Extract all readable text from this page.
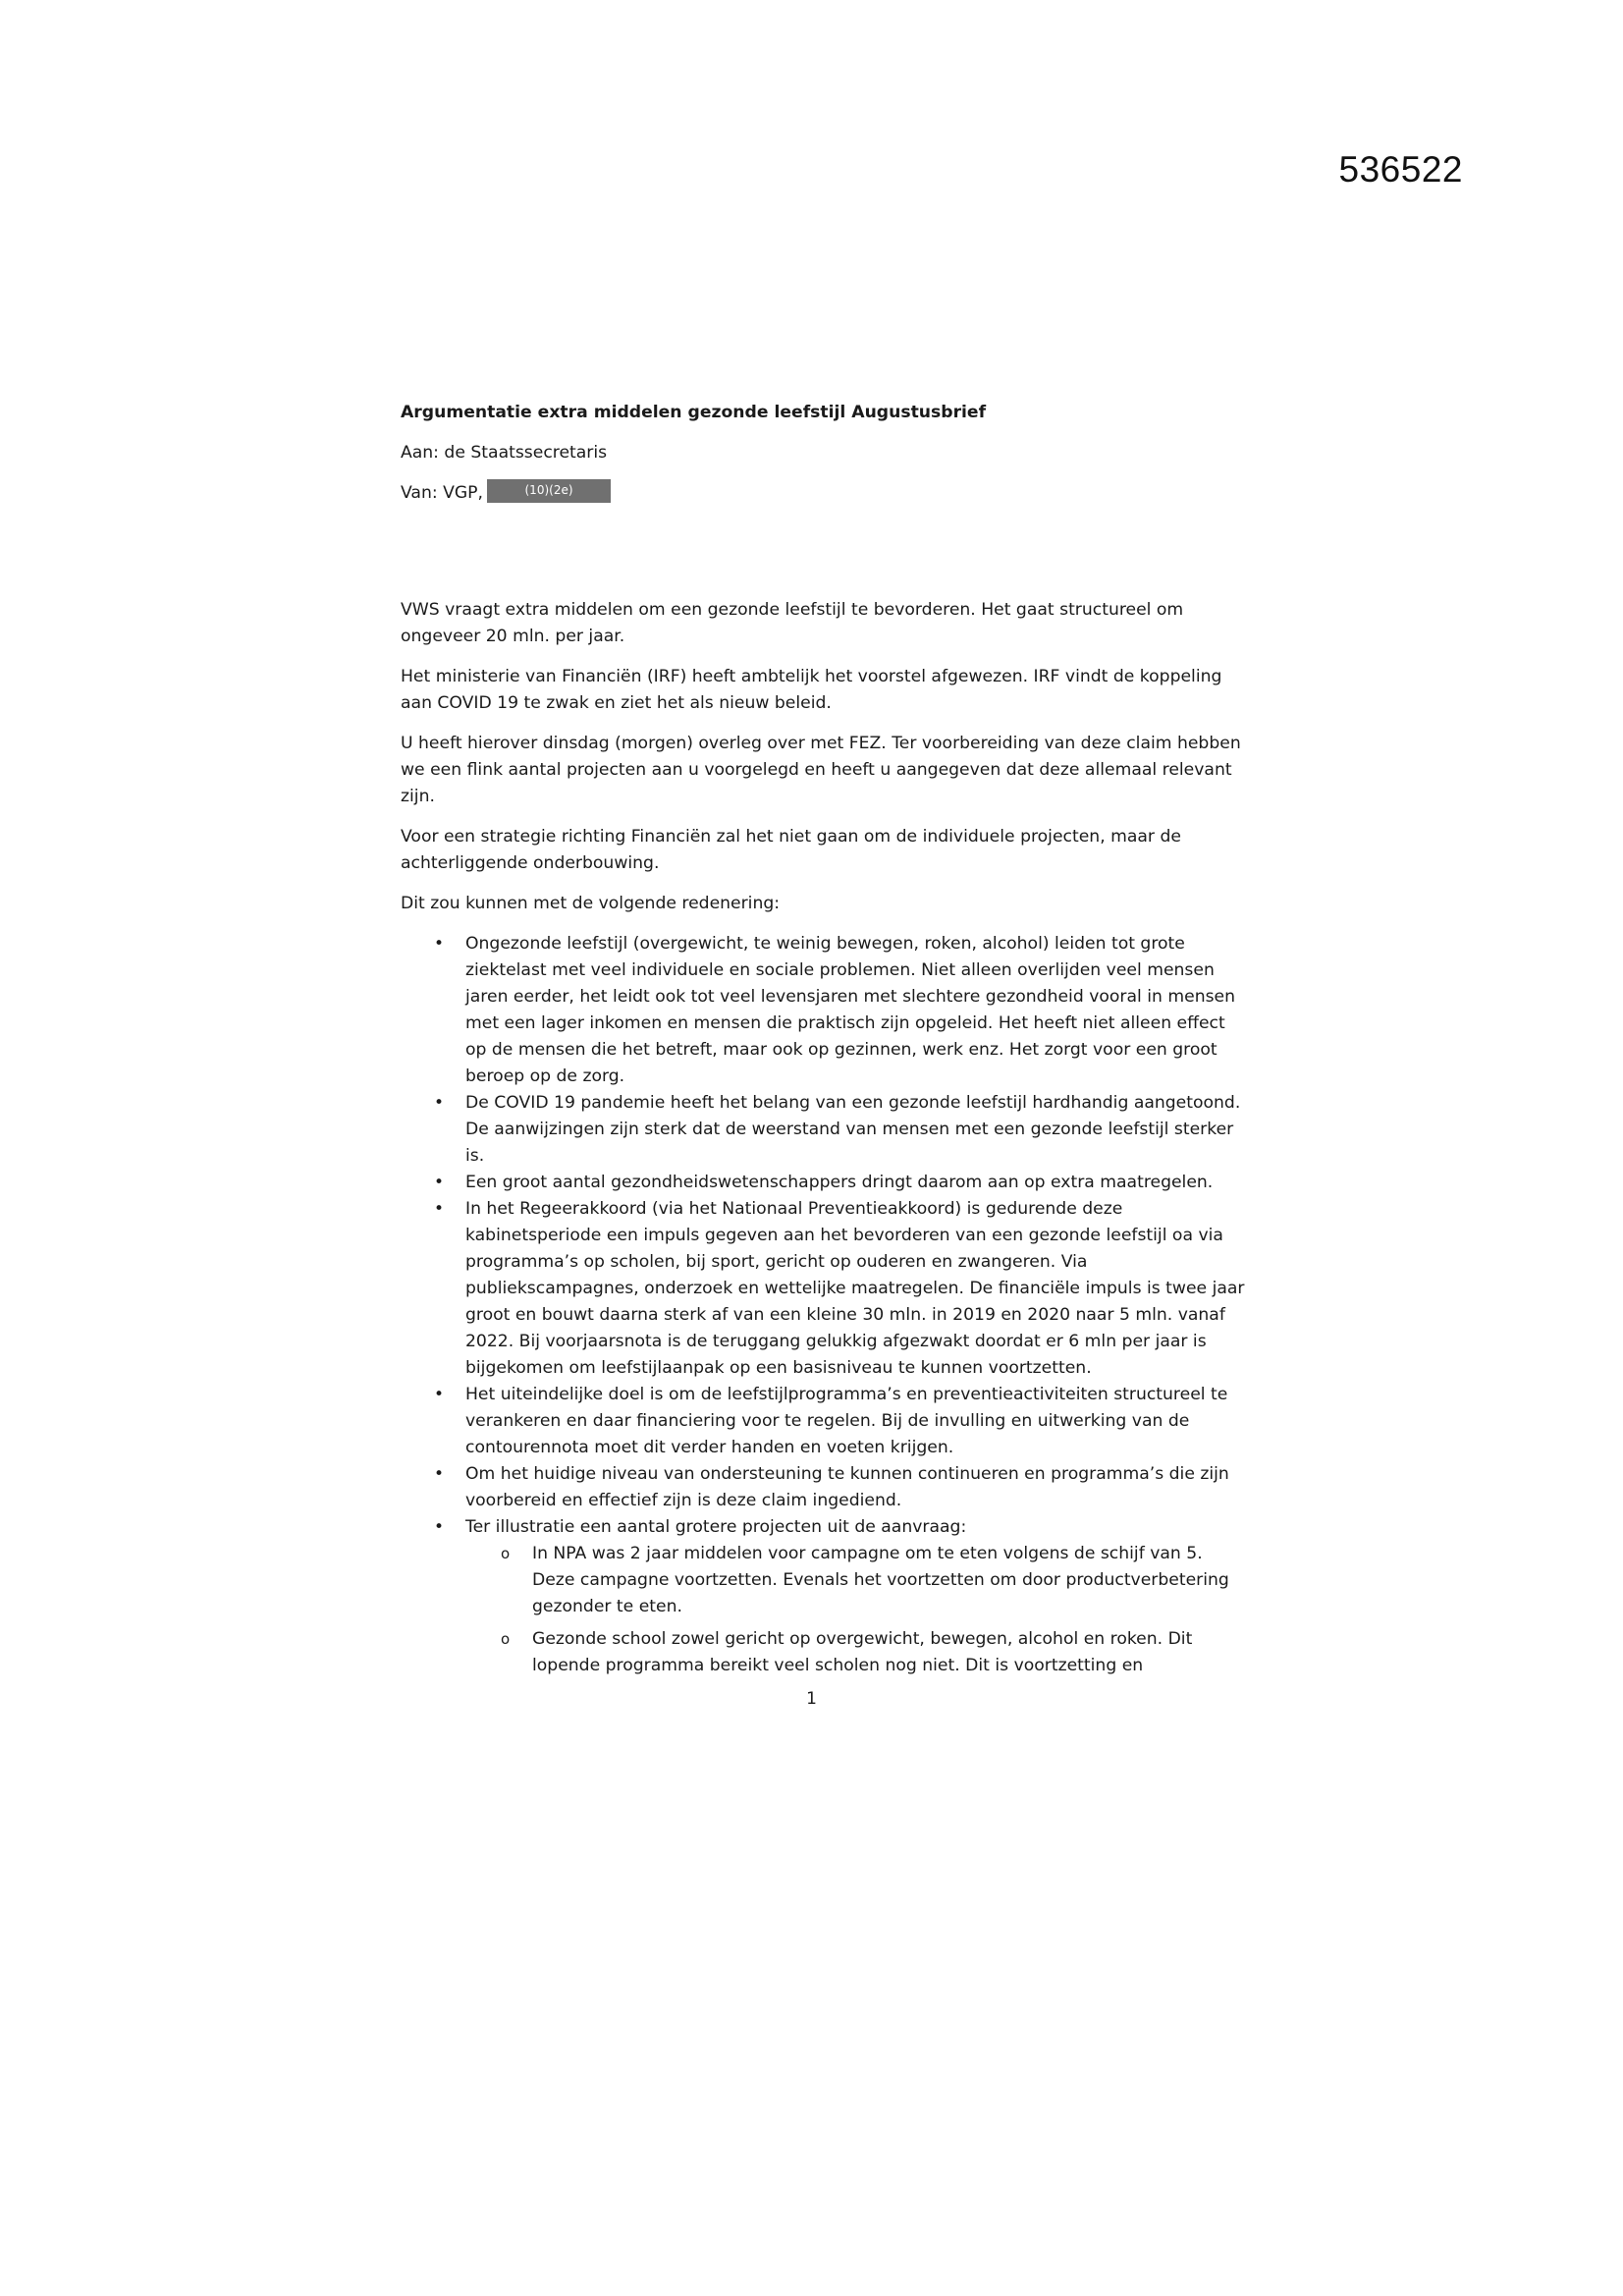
536522
Argumentatie extra middelen gezonde leefstijl Augustusbrief
Aan: de Staatssecretaris
Van: VGP,	(10)(2e)

VWS vraagt extra middelen om een gezonde leefstijl te bevorderen. Het gaat structureel om ongeveer 20 mln. per jaar.

Het ministerie van Financiën (IRF) heeft ambtelijk het voorstel afgewezen. IRF vindt de koppeling aan COVID 19 te zwak en ziet het als nieuw beleid.

U heeft hierover dinsdag (morgen) overleg over met FEZ. Ter voorbereiding van deze claim hebben we een flink aantal projecten aan u voorgelegd en heeft u aangegeven dat deze allemaal relevant zijn.

Voor een strategie richting Financiën zal het niet gaan om de individuele projecten, maar de achterliggende onderbouwing.

Dit zou kunnen met de volgende redenering:

• Ongezonde leefstijl (overgewicht, te weinig bewegen, roken, alcohol) leiden tot grote ziektelast met veel individuele en sociale problemen. Niet alleen overlijden veel mensen jaren eerder, het leidt ook tot veel levensjaren met slechtere gezondheid vooral in mensen met een lager inkomen en mensen die praktisch zijn opgeleid. Het heeft niet alleen effect op de mensen die het betreft, maar ook op gezinnen, werk enz. Het zorgt voor een groot beroep op de zorg.
• De COVID 19 pandemie heeft het belang van een gezonde leefstijl hardhandig aangetoond. De aanwijzingen zijn sterk dat de weerstand van mensen met een gezonde leefstijl sterker is.
• Een groot aantal gezondheidswetenschappers dringt daarom aan op extra maatregelen.
• In het Regeerakkoord (via het Nationaal Preventieakkoord) is gedurende deze kabinetsperiode een impuls gegeven aan het bevorderen van een gezonde leefstijl oa via programma’s op scholen, bij sport, gericht op ouderen en zwangeren. Via publiekscampagnes, onderzoek en wettelijke maatregelen. De financiële impuls is twee jaar groot en bouwt daarna sterk af van een kleine 30 mln. in 2019 en 2020 naar 5 mln. vanaf 2022. Bij voorjaarsnota is de teruggang gelukkig afgezwakt doordat er 6 mln per jaar is bijgekomen om leefstijlaanpak op een basisniveau te kunnen voortzetten.
• Het uiteindelijke doel is om de leefstijlprogramma’s en preventieactiviteiten structureel te verankeren en daar financiering voor te regelen. Bij de invulling en uitwerking van de contourennota moet dit verder handen en voeten krijgen.
• Om het huidige niveau van ondersteuning te kunnen continueren en programma’s die zijn voorbereid en effectief zijn is deze claim ingediend.
• Ter illustratie een aantal grotere projecten uit de aanvraag:
o In NPA was 2 jaar middelen voor campagne om te eten volgens de schijf van 5. Deze campagne voortzetten. Evenals het voortzetten om door productverbetering gezonder te eten.
o Gezonde school zowel gericht op overgewicht, bewegen, alcohol en roken. Dit lopende programma bereikt veel scholen nog niet. Dit is voortzetting en
1
